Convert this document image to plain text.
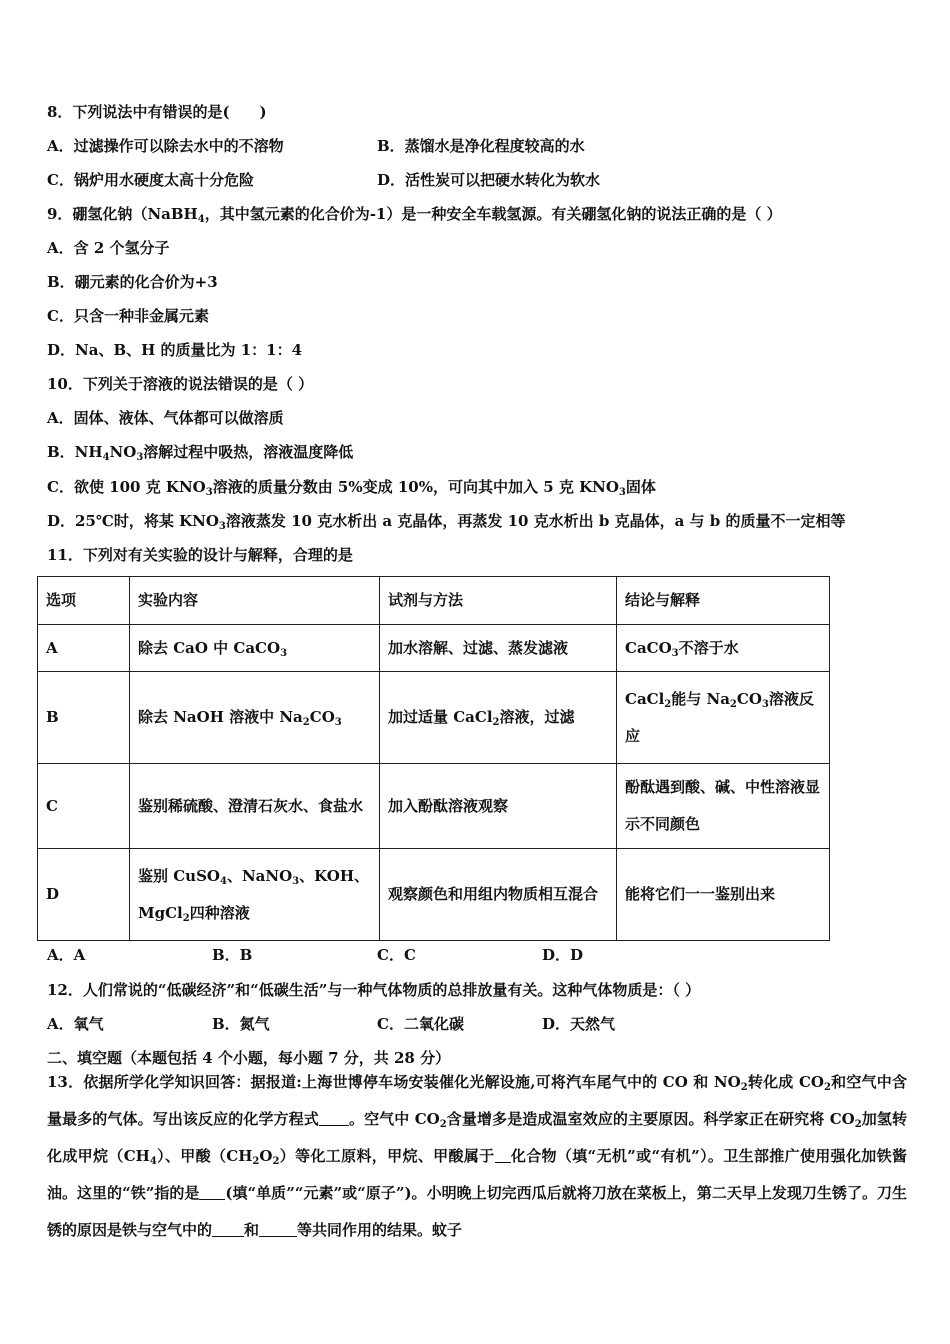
8．下列说法中有错误的是(　　)
A．过滤操作可以除去水中的不溶物	B．蒸馏水是净化程度较高的水
C．锅炉用水硬度太高十分危险	D．活性炭可以把硬水转化为软水
9．硼氢化钠（NaBH$_4$，其中氢元素的化合价为-1）是一种安全车载氢源。有关硼氢化钠的说法正确的是（ ）
A．含 2 个氢分子
B．硼元素的化合价为+3
C．只含一种非金属元素
D．Na、B、H 的质量比为 1：1：4
10．下列关于溶液的说法错误的是（ ）
A．固体、液体、气体都可以做溶质
B．$NH_4NO_3$溶解过程中吸热，溶液温度降低
C．欲使 100 克 $KNO_3$溶液的质量分数由 5%变成 10%，可向其中加入 5 克 $KNO_3$固体
D．25℃时，将某 $KNO_3$溶液蒸发 10 克水析出 a 克晶体，再蒸发 10 克水析出 b 克晶体，a 与 b 的质量不一定相等
11．下列对有关实验的设计与解释，合理的是
选项	实验内容	试剂与方法	结论与解释
A	除去 CaO 中 CaCO$_3$	加水溶解、过滤、蒸发滤液	CaCO$_3$不溶于水
B	除去 NaOH 溶液中 $Na_2CO_3$	加过适量 CaCl$_2$溶液，过滤	CaCl$_2$能与 $Na_2CO_3$溶液反应
C	鉴别稀硫酸、澄清石灰水、食盐水	加入酚酞溶液观察	酚酞遇到酸、碱、中性溶液显示不同颜色
D	鉴别 CuSO$_4$、NaNO$_3$、KOH、MgCl$_2$四种溶液	观察颜色和用组内物质相互混合	能将它们一一鉴别出来
A．A	B．B	C．C	D．D
12．人们常说的“低碳经济”和“低碳生活”与一种气体物质的总排放量有关。这种气体物质是：（ ）
A．氧气	B．氮气	C．二氧化碳	D．天然气
二、填空题（本题包括 4 个小题，每小题 7 分，共 28 分）
13．依据所学化学知识回答：据报道:上海世博停车场安装催化光解设施,可将汽车尾气中的 CO 和 $NO_2$转化成 $CO_2$和空气中含量最多的气体。写出该反应的化学方程式 。空气中 $CO_2$含量增多是造成温室效应的主要原因。科学家正在研究将 $CO_2$加氢转化成甲烷$(CH_4)$、甲酸$(CH_2O_2)$等化工原料，甲烷、甲酸属于 化合物（填“无机”或“有机”）。卫生部推广使用强化加铁酱油。这里的“铁”指的是 (填“单质”“元素”或“原子”)。小明晚上切完西瓜后就将刀放在菜板上，第二天早上发现刀生锈了。刀生锈的原因是铁与空气中的 和	等共同作用的结果。蚊子
